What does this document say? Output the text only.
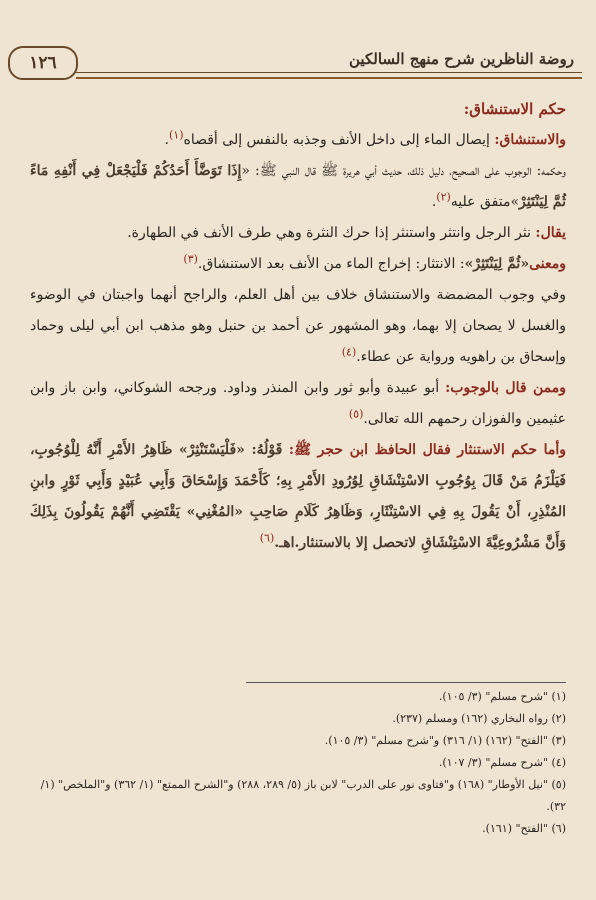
روضة الناظرين شرح منهج السالكين
١٢٦

حكم الاستنشاق:

والاستنشاق: إيصال الماء إلى داخل الأنف وجذبه بالنفس إلى أقصاه$^{(١)}$.

وحكمه: الوجوب على الصحيح، دليل ذلك، حديث أبي هريرة ﷺ قال النبي ﷺ: «إِذَا تَوَضَّأَ أَحَدُكُمْ فَلْيَجْعَلْ فِي أَنْفِهِ مَاءً ثُمَّ لِيَنْتَثِرْ»متفق عليه$^{(٢)}$.

يقال: نثر الرجل وانتثر واستنثر إذا حرك النثرة وهي طرف الأنف في الطهارة.

ومعنى«ثُمَّ لِيَنْتَثِرْ»: الانتثار: إخراج الماء من الأنف بعد الاستنشاق.$^{(٣)}$

وفي وجوب المضمضة والاستنشاق خلاف بين أهل العلم، والراجح أنهما واجبتان في الوضوء والغسل لا يصحان إلا بهما، وهو المشهور عن أحمد بن حنبل وهو مذهب ابن أبي ليلى وحماد وإسحاق بن راهويه ورواية عن عطاء.$^{(٤)}$

وممن قال بالوجوب: أبو عبيدة وأبو ثور وابن المنذر وداود. ورجحه الشوكاني، وابن باز وابن عثيمين والفوزان رحمهم الله تعالى.$^{(٥)}$

وأما حكم الاستنثار فقال الحافظ ابن حجر ﷺ: قَوْلُهُ: «فَلْيَسْتَنْثِرْ» ظَاهِرُ الأَمْرِ أَنَّهُ لِلْوُجُوبِ، فَيَلْزَمُ مَنْ قَالَ بِوُجُوبِ الاسْتِنْشَاقِ لِوُرُودِ الأَمْرِ بِهِ؛ كَأَحْمَدَ وَإِسْحَاقَ وَأَبِي عُبَيْدٍ وَأَبِي ثَوْرٍ وابنِ المُنْذِرِ، أَنْ يَقُولَ بِهِ فِي الاسْتِنْثَارِ، وَظَاهِرُ كَلَامِ صَاحِبِ «المُغْنِي» يَقْتَضِي أَنَّهُمْ يَقُولُونَ بِذَلِكَ وَأَنَّ مَشْرُوعِيَّةَ الاسْتِنْشَاقِ لاتحصل إلا بالاستنثار.اهـ.$^{(٦)}$

(١) "شرح مسلم" (٣/ ١٠٥).

(٢) رواه البخاري (١٦٢) ومسلم (٢٣٧).

(٣) "الفتح" (١٦٢) (١/ ٣١٦) و"شرح مسلم" (٣/ ١٠٥).

(٤) "شرح مسلم" (٣/ ١٠٧).

(٥) "نيل الأوطار" (١٦٨) و"فتاوى نور على الدرب" لابن باز (٥/ ٢٨٩، ٢٨٨) و"الشرح الممتع" (١/ ٣٦٢) و"الملخص" (١/ ٣٢).

(٦) "الفتح" (١٦١).
